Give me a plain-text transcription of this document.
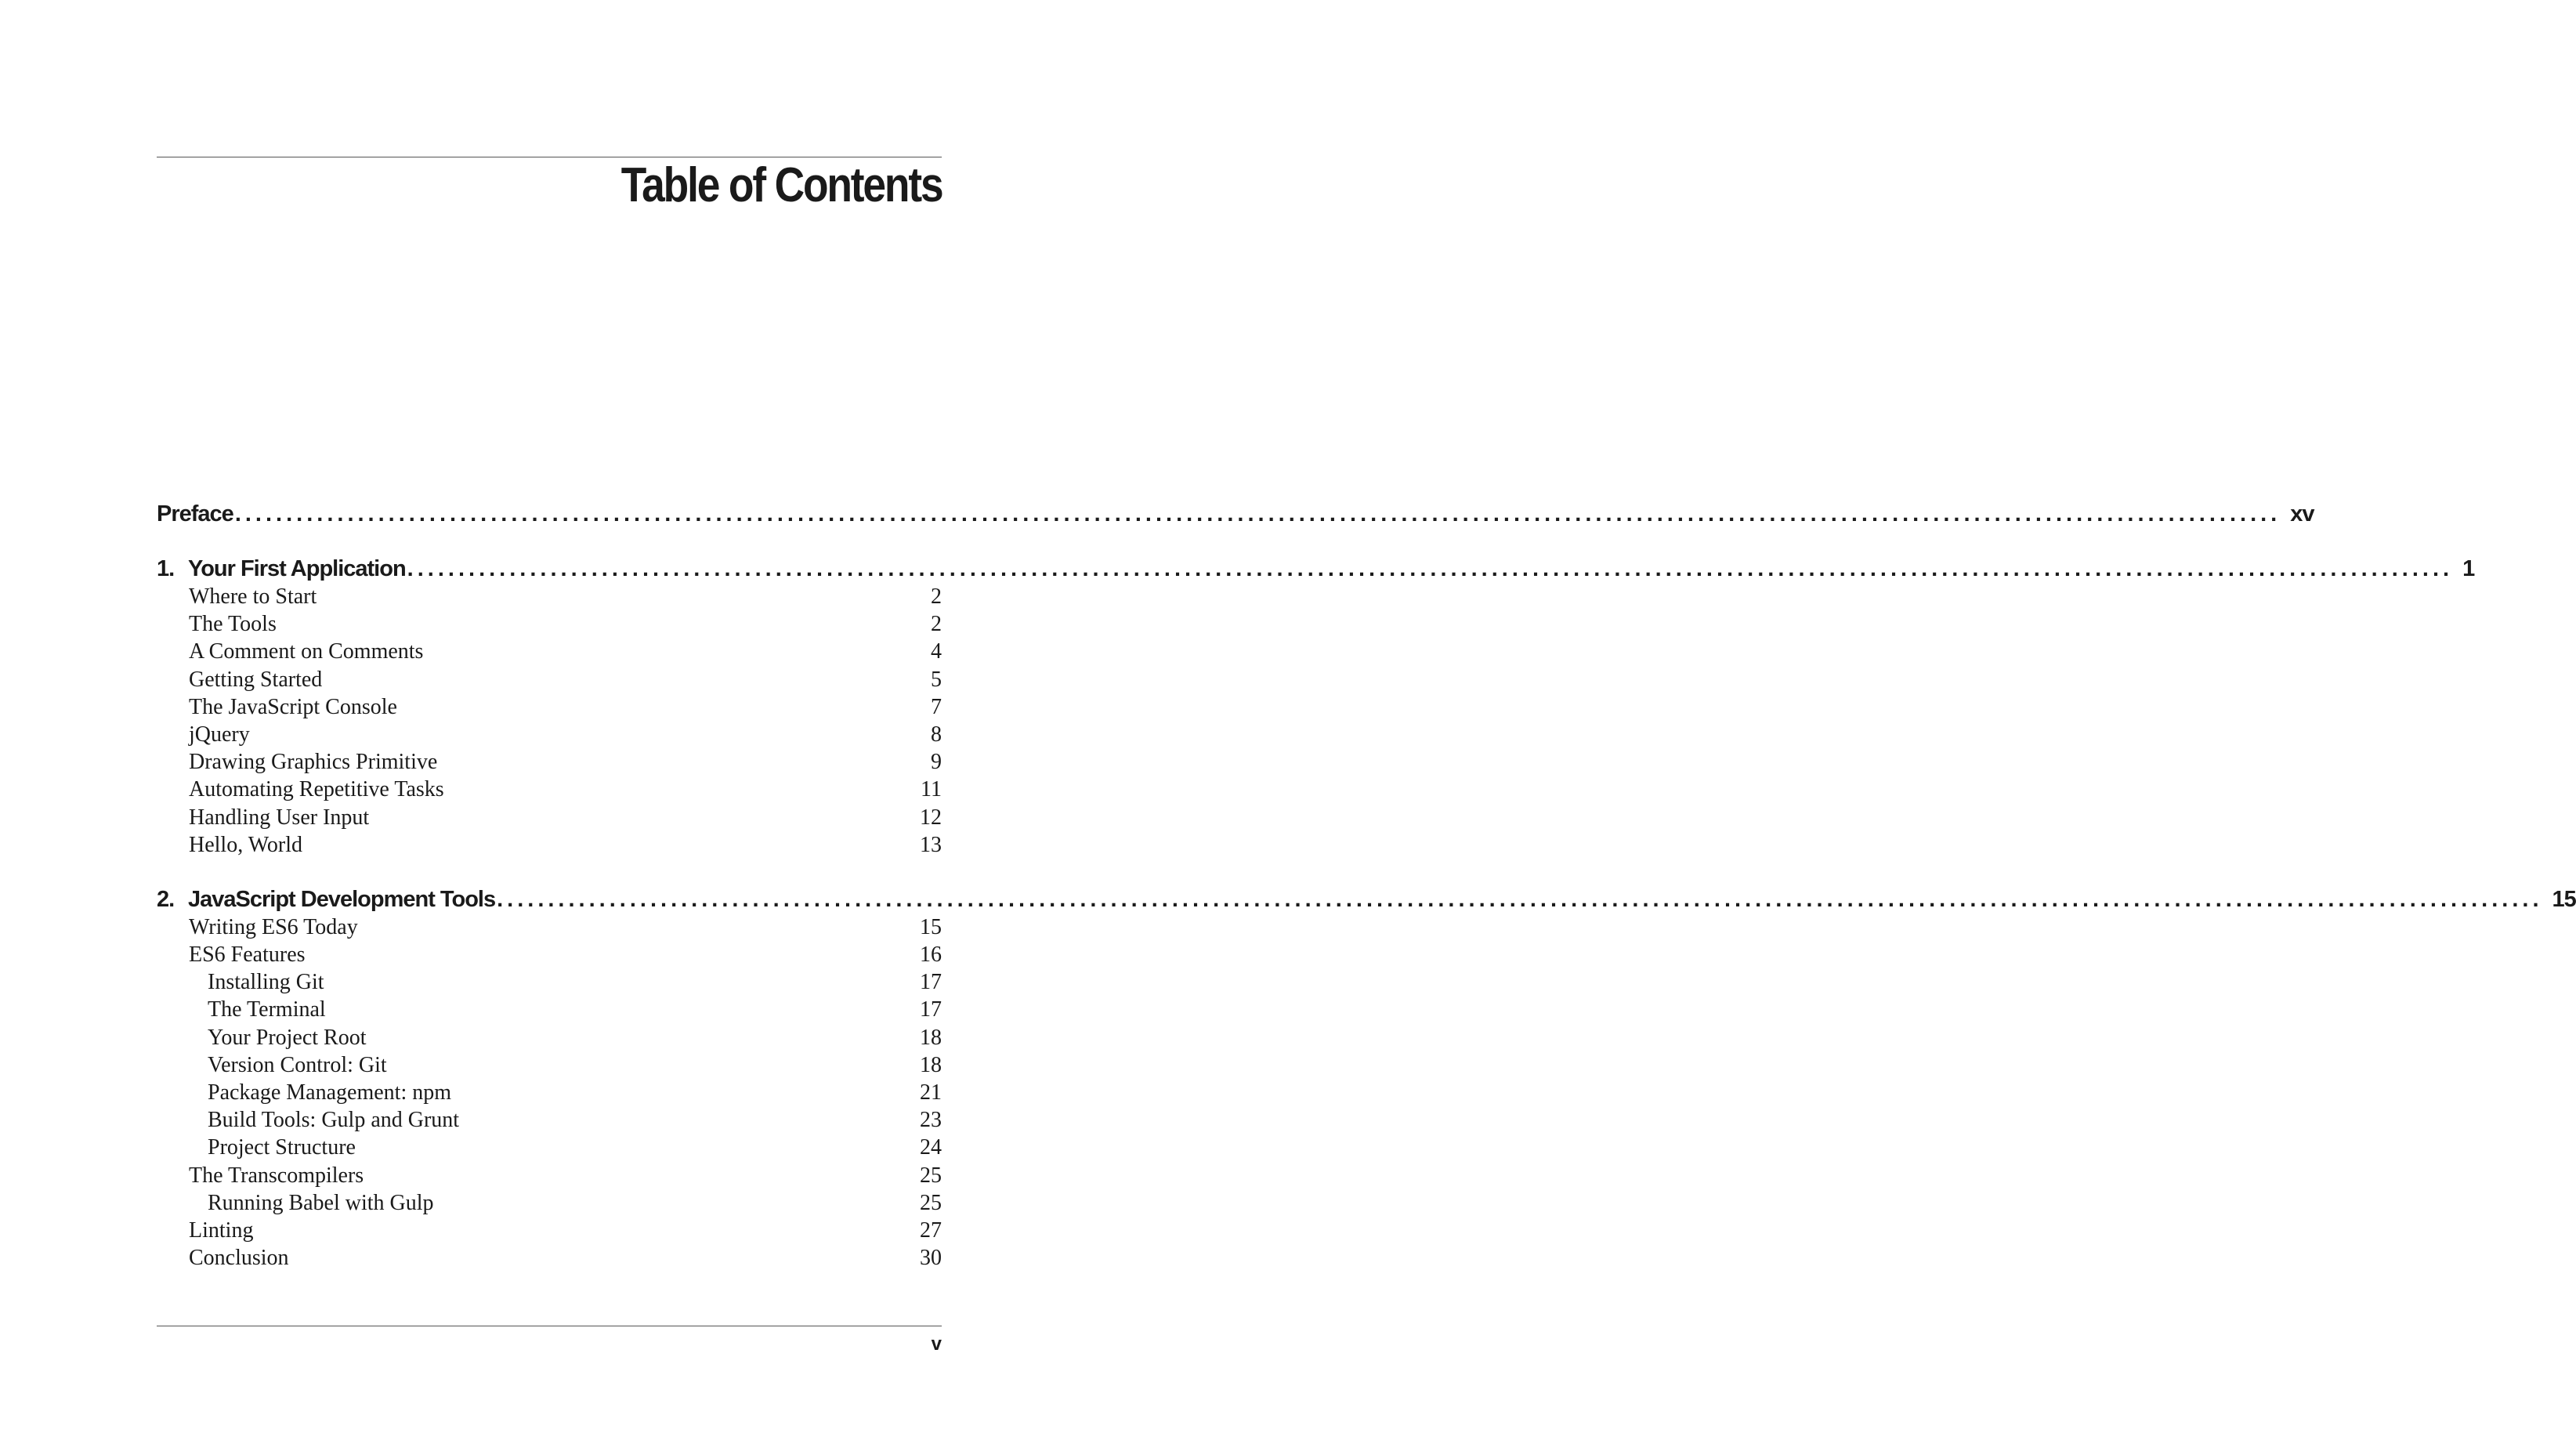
Table of Contents
Preface ........................................................................................................................................................................................................ xv
1. Your First Application ........................................................................................................................................................................................................ 1
Where to Start	2
The Tools	2
A Comment on Comments	4
Getting Started	5
The JavaScript Console	7
jQuery	8
Drawing Graphics Primitive	9
Automating Repetitive Tasks	11
Handling User Input	12
Hello, World	13
2. JavaScript Development Tools ........................................................................................................................................................................................................ 15
Writing ES6 Today	15
ES6 Features	16
Installing Git	17
The Terminal	17
Your Project Root	18
Version Control: Git	18
Package Management: npm	21
Build Tools: Gulp and Grunt	23
Project Structure	24
The Transcompilers	25
Running Babel with Gulp	25
Linting	27
Conclusion	30
v
